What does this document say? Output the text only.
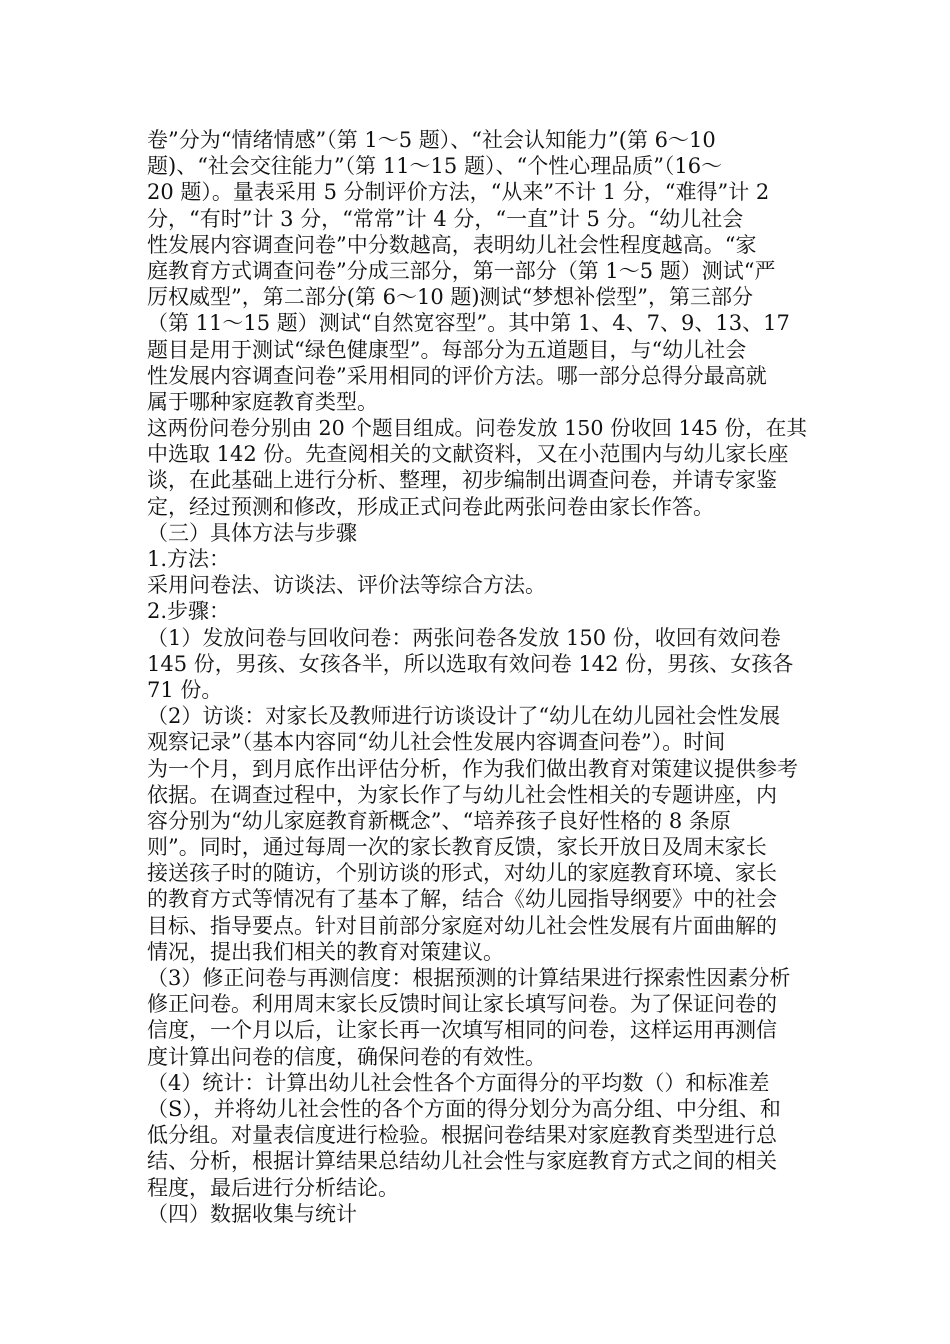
卷”分为“情绪情感”（第 1～5 题）、“社会认知能力”(第 6～10
题)、“社会交往能力”（第 11～15 题）、“个性心理品质”（16～
20 题）。量表采用 5 分制评价方法，“从来”不计 1 分，“难得”计 2
分，“有时”计 3 分，“常常”计 4 分，“一直”计 5 分。“幼儿社会
性发展内容调查问卷”中分数越高，表明幼儿社会性程度越高。“家
庭教育方式调查问卷”分成三部分，第一部分（第 1～5 题）测试“严
厉权威型”，第二部分(第 6～10 题)测试“梦想补偿型”，第三部分
（第 11～15 题）测试“自然宽容型”。其中第 1、4、7、9、13、17
题目是用于测试“绿色健康型”。每部分为五道题目，与“幼儿社会
性发展内容调查问卷”采用相同的评价方法。哪一部分总得分最高就
属于哪种家庭教育类型。
这两份问卷分别由 20 个题目组成。问卷发放 150 份收回 145 份，在其
中选取 142 份。先查阅相关的文献资料，又在小范围内与幼儿家长座
谈，在此基础上进行分析、整理，初步编制出调查问卷，并请专家鉴
定，经过预测和修改，形成正式问卷此两张问卷由家长作答。
（三）具体方法与步骤
1.方法：
采用问卷法、访谈法、评价法等综合方法。
2.步骤：
（1）发放问卷与回收问卷：两张问卷各发放 150 份，收回有效问卷
145 份，男孩、女孩各半，所以选取有效问卷 142 份，男孩、女孩各
71 份。
（2）访谈：对家长及教师进行访谈设计了“幼儿在幼儿园社会性发展
观察记录”（基本内容同“幼儿社会性发展内容调查问卷”）。时间
为一个月，到月底作出评估分析，作为我们做出教育对策建议提供参考
依据。在调查过程中，为家长作了与幼儿社会性相关的专题讲座，内
容分别为“幼儿家庭教育新概念”、“培养孩子良好性格的 8 条原
则”。同时，通过每周一次的家长教育反馈，家长开放日及周末家长
接送孩子时的随访，个别访谈的形式，对幼儿的家庭教育环境、家长
的教育方式等情况有了基本了解，结合《幼儿园指导纲要》中的社会
目标、指导要点。针对目前部分家庭对幼儿社会性发展有片面曲解的
情况，提出我们相关的教育对策建议。
（3）修正问卷与再测信度：根据预测的计算结果进行探索性因素分析
修正问卷。利用周末家长反馈时间让家长填写问卷。为了保证问卷的
信度，一个月以后，让家长再一次填写相同的问卷，这样运用再测信
度计算出问卷的信度，确保问卷的有效性。
（4）统计：计算出幼儿社会性各个方面得分的平均数（）和标准差
（S），并将幼儿社会性的各个方面的得分划分为高分组、中分组、和
低分组。对量表信度进行检验。根据问卷结果对家庭教育类型进行总
结、分析，根据计算结果总结幼儿社会性与家庭教育方式之间的相关
程度，最后进行分析结论。
（四）数据收集与统计
